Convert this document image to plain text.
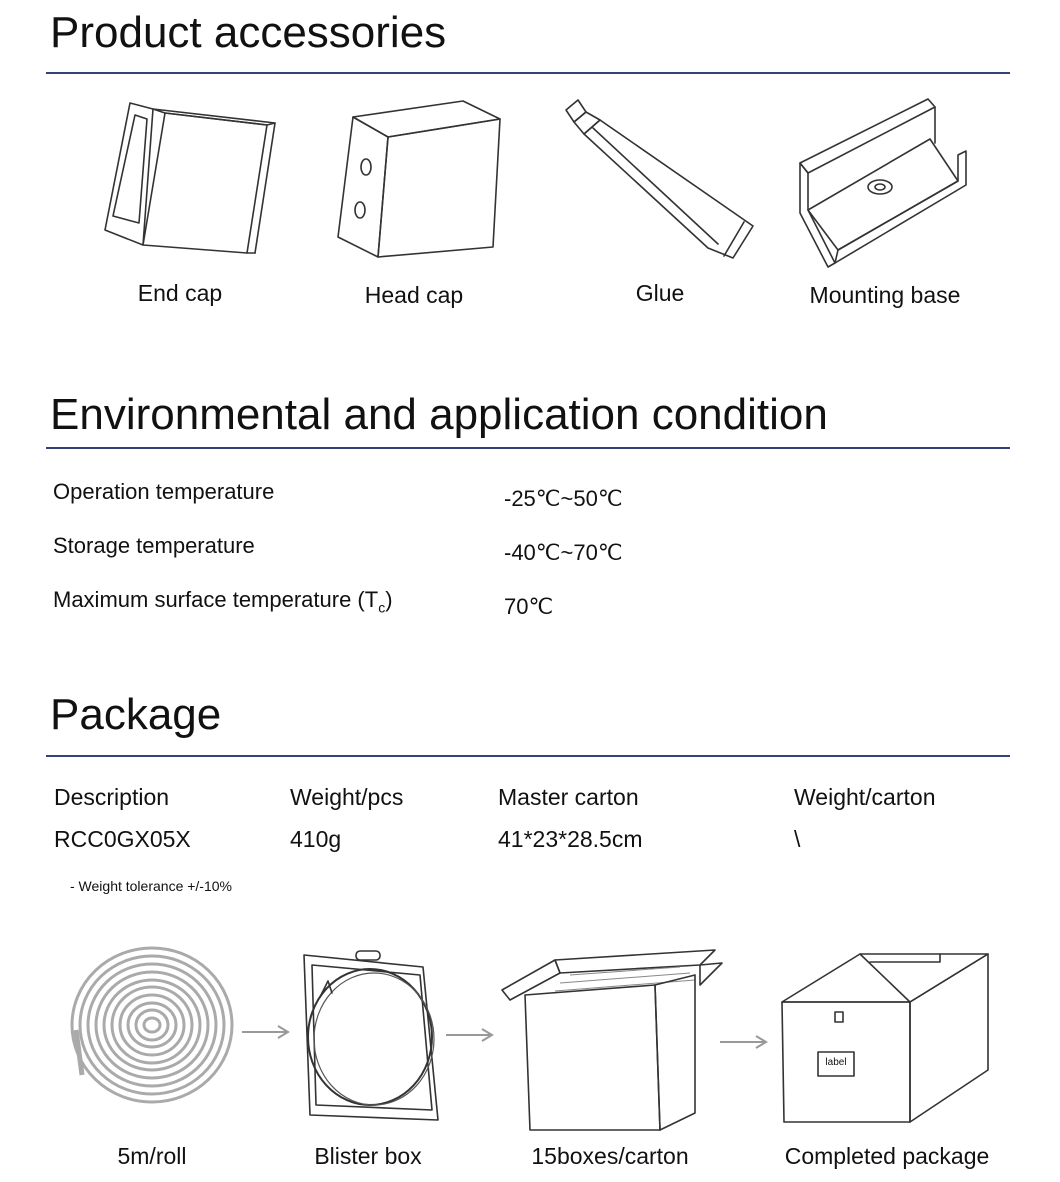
Product accessories
End cap	Head cap	Glue	Mounting base
Environmental and application condition
Operation temperature	-25℃~50℃
Storage temperature	-40℃~70℃
Maximum surface temperature $(T_c)$	70℃
Package
Description	Weight/pcs	Master carton	Weight/carton
RCC0GX05X	410g	41*23*28.5cm	\
- Weight tolerance +/-10%
label
5m/roll	Blister box	15boxes/carton	Completed package
